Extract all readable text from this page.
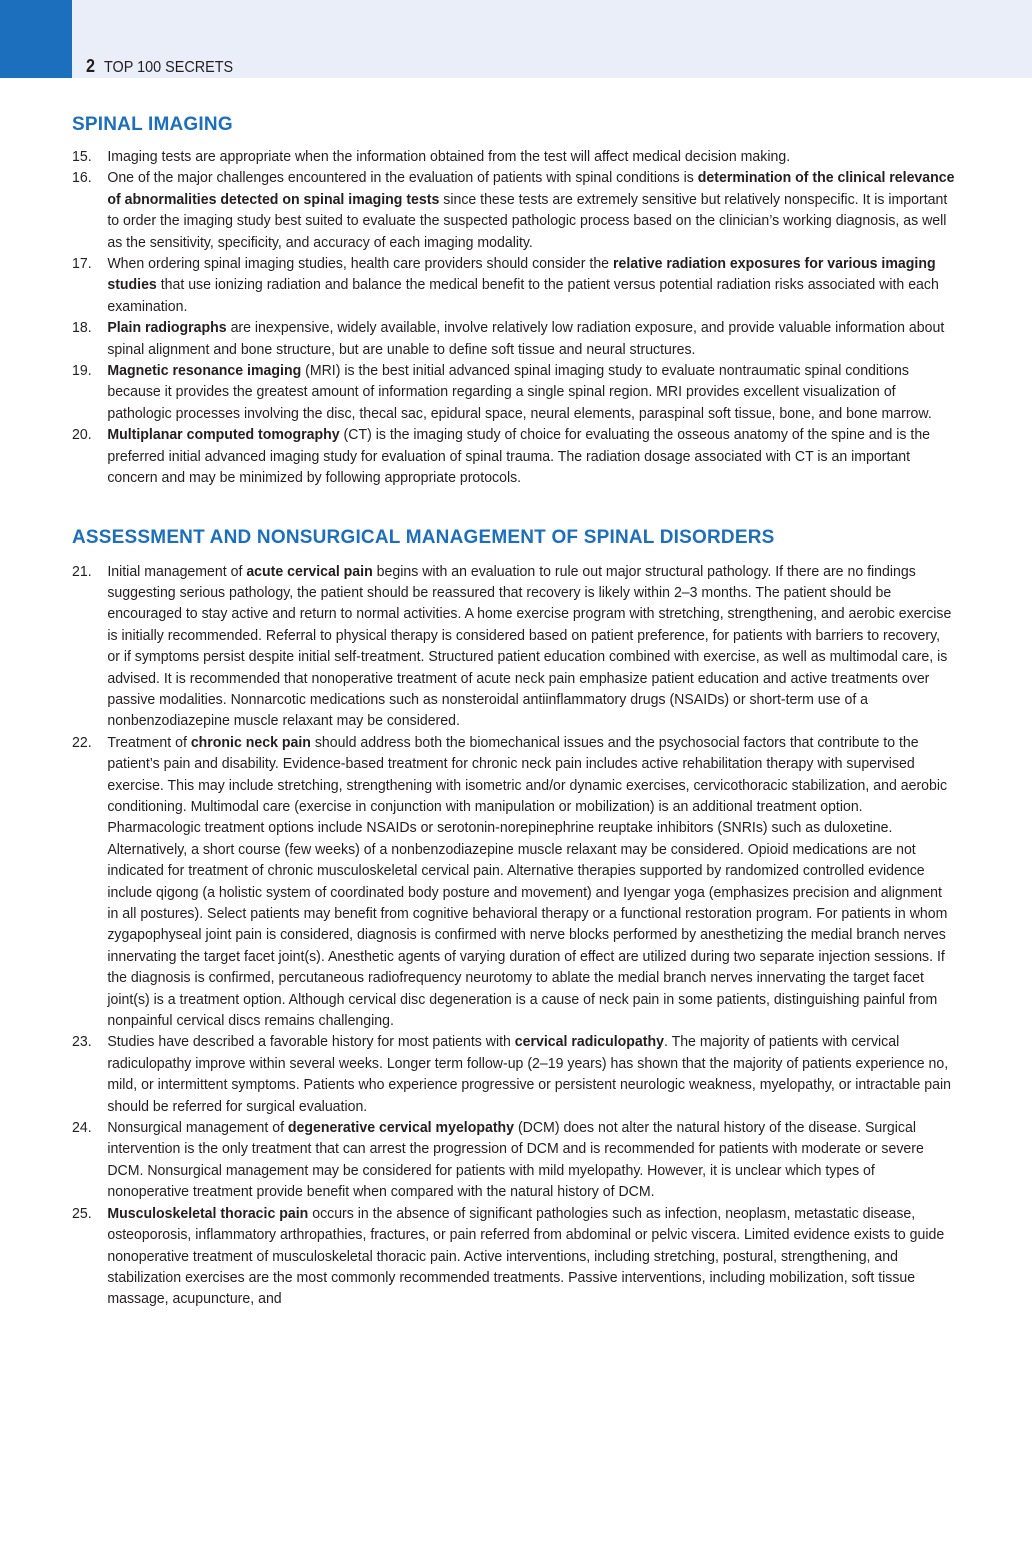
2 TOP 100 SECRETS
SPINAL IMAGING
15.	Imaging tests are appropriate when the information obtained from the test will affect medical decision making.
16.	One of the major challenges encountered in the evaluation of patients with spinal conditions is determination of the clinical relevance of abnormalities detected on spinal imaging tests since these tests are extremely sensitive but relatively nonspecific. It is important to order the imaging study best suited to evaluate the suspected pathologic process based on the clinician’s working diagnosis, as well as the sensitivity, specificity, and accuracy of each imaging modality.
17.	When ordering spinal imaging studies, health care providers should consider the relative radiation exposures for various imaging studies that use ionizing radiation and balance the medical benefit to the patient versus potential radiation risks associated with each examination.
18.	Plain radiographs are inexpensive, widely available, involve relatively low radiation exposure, and provide valuable information about spinal alignment and bone structure, but are unable to define soft tissue and neural structures.
19.	Magnetic resonance imaging (MRI) is the best initial advanced spinal imaging study to evaluate nontraumatic spinal conditions because it provides the greatest amount of information regarding a single spinal region. MRI provides excellent visualization of pathologic processes involving the disc, thecal sac, epidural space, neural elements, paraspinal soft tissue, bone, and bone marrow.
20.	Multiplanar computed tomography (CT) is the imaging study of choice for evaluating the osseous anatomy of the spine and is the preferred initial advanced imaging study for evaluation of spinal trauma. The radiation dosage associated with CT is an important concern and may be minimized by following appropriate protocols.
ASSESSMENT AND NONSURGICAL MANAGEMENT OF SPINAL DISORDERS
21.	Initial management of acute cervical pain begins with an evaluation to rule out major structural pathology. If there are no findings suggesting serious pathology, the patient should be reassured that recovery is likely within 2–3 months. The patient should be encouraged to stay active and return to normal activities. A home exercise program with stretching, strengthening, and aerobic exercise is initially recommended. Referral to physical therapy is considered based on patient preference, for patients with barriers to recovery, or if symptoms persist despite initial self-treatment. Structured patient education combined with exercise, as well as multimodal care, is advised. It is recommended that nonoperative treatment of acute neck pain emphasize patient education and active treatments over passive modalities. Nonnarcotic medications such as nonsteroidal antiinflammatory drugs (NSAIDs) or short-term use of a nonbenzodiazepine muscle relaxant may be considered.
22.	Treatment of chronic neck pain should address both the biomechanical issues and the psychosocial factors that contribute to the patient’s pain and disability. Evidence-based treatment for chronic neck pain includes active rehabilitation therapy with supervised exercise. This may include stretching, strengthening with isometric and/or dynamic exercises, cervicothoracic stabilization, and aerobic conditioning. Multimodal care (exercise in conjunction with manipulation or mobilization) is an additional treatment option. Pharmacologic treatment options include NSAIDs or serotonin-norepinephrine reuptake inhibitors (SNRIs) such as duloxetine. Alternatively, a short course (few weeks) of a nonbenzodiazepine muscle relaxant may be considered. Opioid medications are not indicated for treatment of chronic musculoskeletal cervical pain. Alternative therapies supported by randomized controlled evidence include qigong (a holistic system of coordinated body posture and movement) and Iyengar yoga (emphasizes precision and alignment in all postures). Select patients may benefit from cognitive behavioral therapy or a functional restoration program. For patients in whom zygapophyseal joint pain is considered, diagnosis is confirmed with nerve blocks performed by anesthetizing the medial branch nerves innervating the target facet joint(s). Anesthetic agents of varying duration of effect are utilized during two separate injection sessions. If the diagnosis is confirmed, percutaneous radiofrequency neurotomy to ablate the medial branch nerves innervating the target facet joint(s) is a treatment option. Although cervical disc degeneration is a cause of neck pain in some patients, distinguishing painful from nonpainful cervical discs remains challenging.
23.	Studies have described a favorable history for most patients with cervical radiculopathy. The majority of patients with cervical radiculopathy improve within several weeks. Longer term follow-up (2–19 years) has shown that the majority of patients experience no, mild, or intermittent symptoms. Patients who experience progressive or persistent neurologic weakness, myelopathy, or intractable pain should be referred for surgical evaluation.
24.	Nonsurgical management of degenerative cervical myelopathy (DCM) does not alter the natural history of the disease. Surgical intervention is the only treatment that can arrest the progression of DCM and is recommended for patients with moderate or severe DCM. Nonsurgical management may be considered for patients with mild myelopathy. However, it is unclear which types of nonoperative treatment provide benefit when compared with the natural history of DCM.
25.	Musculoskeletal thoracic pain occurs in the absence of significant pathologies such as infection, neoplasm, metastatic disease, osteoporosis, inflammatory arthropathies, fractures, or pain referred from abdominal or pelvic viscera. Limited evidence exists to guide nonoperative treatment of musculoskeletal thoracic pain. Active interventions, including stretching, postural, strengthening, and stabilization exercises are the most commonly recommended treatments. Passive interventions, including mobilization, soft tissue massage, acupuncture, and
